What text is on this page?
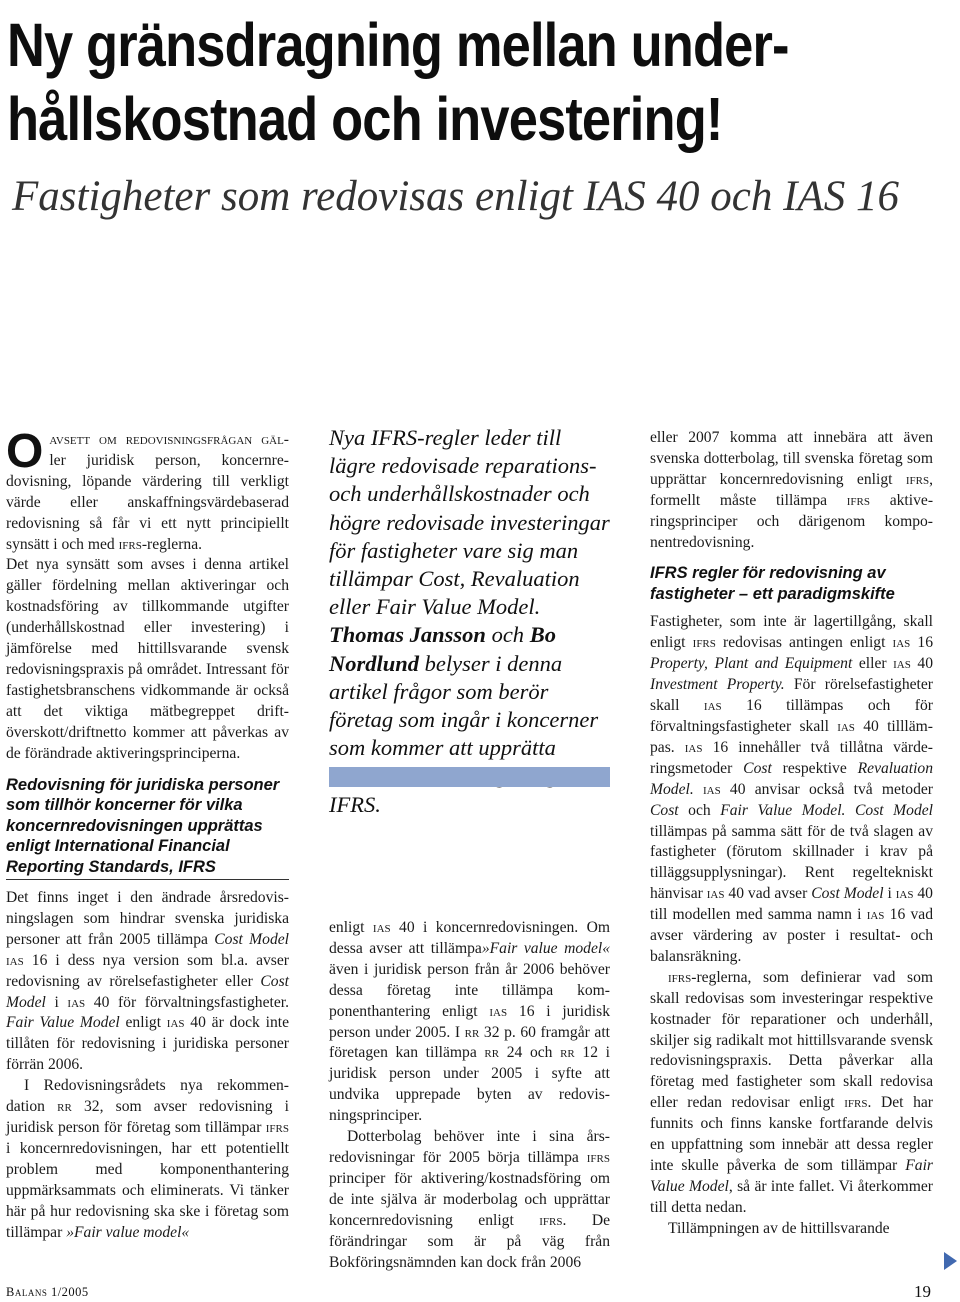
Ny gränsdragning mellan under-
hållskostnad och investering!
Fastigheter som redovisas enligt IAS 40 och IAS 16

Oavsett om redovisningsfrågan gäl-ler juridisk person, koncernredovisning, löpande värdering till verkligt värde eller anskaffningsvärdebaserad redovisning så får vi ett nytt principiellt synsätt i och med ifrs-reglerna.

Det nya synsätt som avses i denna artikel gäller fördelning mellan aktiveringar och kostnadsföring av tillkommande utgifter (underhållskostnad eller investering) i jämförelse med hittillsvarande svensk redovisningspraxis på området. Intressant för fastighetsbranschens vidkommande är också att det viktiga mätbegreppet driftöverskott/driftnetto kommer att påverkas av de förändrade aktiveringsprinciperna.

Redovisning för juridiska personer som tillhör koncerner för vilka koncernredovisningen upprättas enligt International Financial Reporting Standards, IFRS

Det finns inget i den ändrade årsredovisningslagen som hindrar svenska juridiska personer att från 2005 tillämpa Cost Model ias 16 i dess nya version som bl.a. avser redovisning av rörelsefastigheter eller Cost Model i ias 40 för förvaltningsfastigheter. Fair Value Model enligt ias 40 är dock inte tillåten för redovisning i juridiska personer förrän 2006.

I Redovisningsrådets nya rekommendation rr 32, som avser redovisning i juridisk person för företag som tillämpar ifrs i koncernredovisningen, har ett potentiellt problem med komponenthantering uppmärksammats och eliminerats. Vi tänker här på hur redovisning ska ske i företag som tillämpar »Fair value model«

Nya IFRS-regler leder till lägre redovisade reparations- och underhållskostnader och högre redovisade investeringar för fastigheter vare sig man tillämpar Cost, Revaluation eller Fair Value Model. Thomas Jansson och Bo Nordlund belyser i denna artikel frågor som berör företag som ingår i koncerner som kommer att upprätta IFRS.

enligt ias 40 i koncernredovisningen. Om dessa avser att tillämpa»Fair value model« även i juridisk person från år 2006 behöver dessa företag inte tillämpa komponenthantering enligt ias 16 i juridisk person under 2005. I rr 32 p. 60 framgår att företagen kan tillämpa rr 24 och rr 12 i juridisk person under 2005 i syfte att undvika upprepade byten av redovisningsprinciper.

Dotterbolag behöver inte i sina årsredovisningar för 2005 börja tillämpa ifrs principer för aktivering/kostnadsföring om de inte själva är moderbolag och upprättar koncernredovisning enligt ifrs. De förändringar som är på väg från Bokföringsnämnden kan dock från 2006

eller 2007 komma att innebära att även svenska dotterbolag, till svenska företag som upprättar koncernredovisning enligt ifrs, formellt måste tillämpa ifrs aktiveringsprinciper och därigenom komponentredovisning.

IFRS regler för redovisning av fastigheter – ett paradigmskifte

Fastigheter, som inte är lagertillgång, skall enligt ifrs redovisas antingen enligt ias 16 Property, Plant and Equipment eller ias 40 Investment Property. För rörelsefastigheter skall ias 16 tillämpas och för förvaltningsfastigheter skall ias 40 tilllämpas. ias 16 innehåller två tillåtna värderingsmetoder Cost respektive Revaluation Model. ias 40 anvisar också två metoder Cost och Fair Value Model. Cost Model tillämpas på samma sätt för de två slagen av fastigheter (förutom skillnader i krav på tilläggsupplysningar). Rent regeltekniskt hänvisar ias 40 vad avser Cost Model i ias 40 till modellen med samma namn i ias 16 vad avser värdering av poster i resultat- och balansräkning.

ifrs-reglerna, som definierar vad som skall redovisas som investeringar respektive kostnader för reparationer och underhåll, skiljer sig radikalt mot hittillsvarande svensk redovisningspraxis. Detta påverkar alla företag med fastigheter som skall redovisa eller redan redovisar enligt ifrs. Det har funnits och finns kanske fortfarande delvis en uppfattning som innebär att dessa regler inte skulle påverka de som tillämpar Fair Value Model, så är inte fallet. Vi återkommer till detta nedan.

Tillämpningen av de hittillsvarande

Balans 1/2005	19
